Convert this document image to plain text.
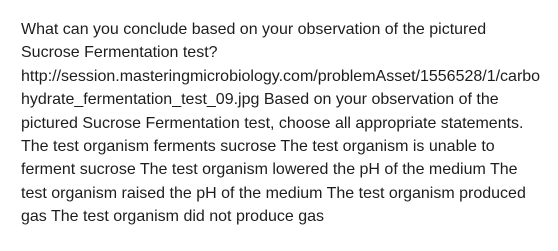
What can you conclude based on your observation of the pictured Sucrose Fermentation test? http://session.masteringmicrobiology.com/problemAsset/1556528/1/carbohydrate_fermentation_test_09.jpg Based on your observation of the pictured Sucrose Fermentation test, choose all appropriate statements. The test organism ferments sucrose The test organism is unable to ferment sucrose The test organism lowered the pH of the medium The test organism raised the pH of the medium The test organism produced gas The test organism did not produce gas
